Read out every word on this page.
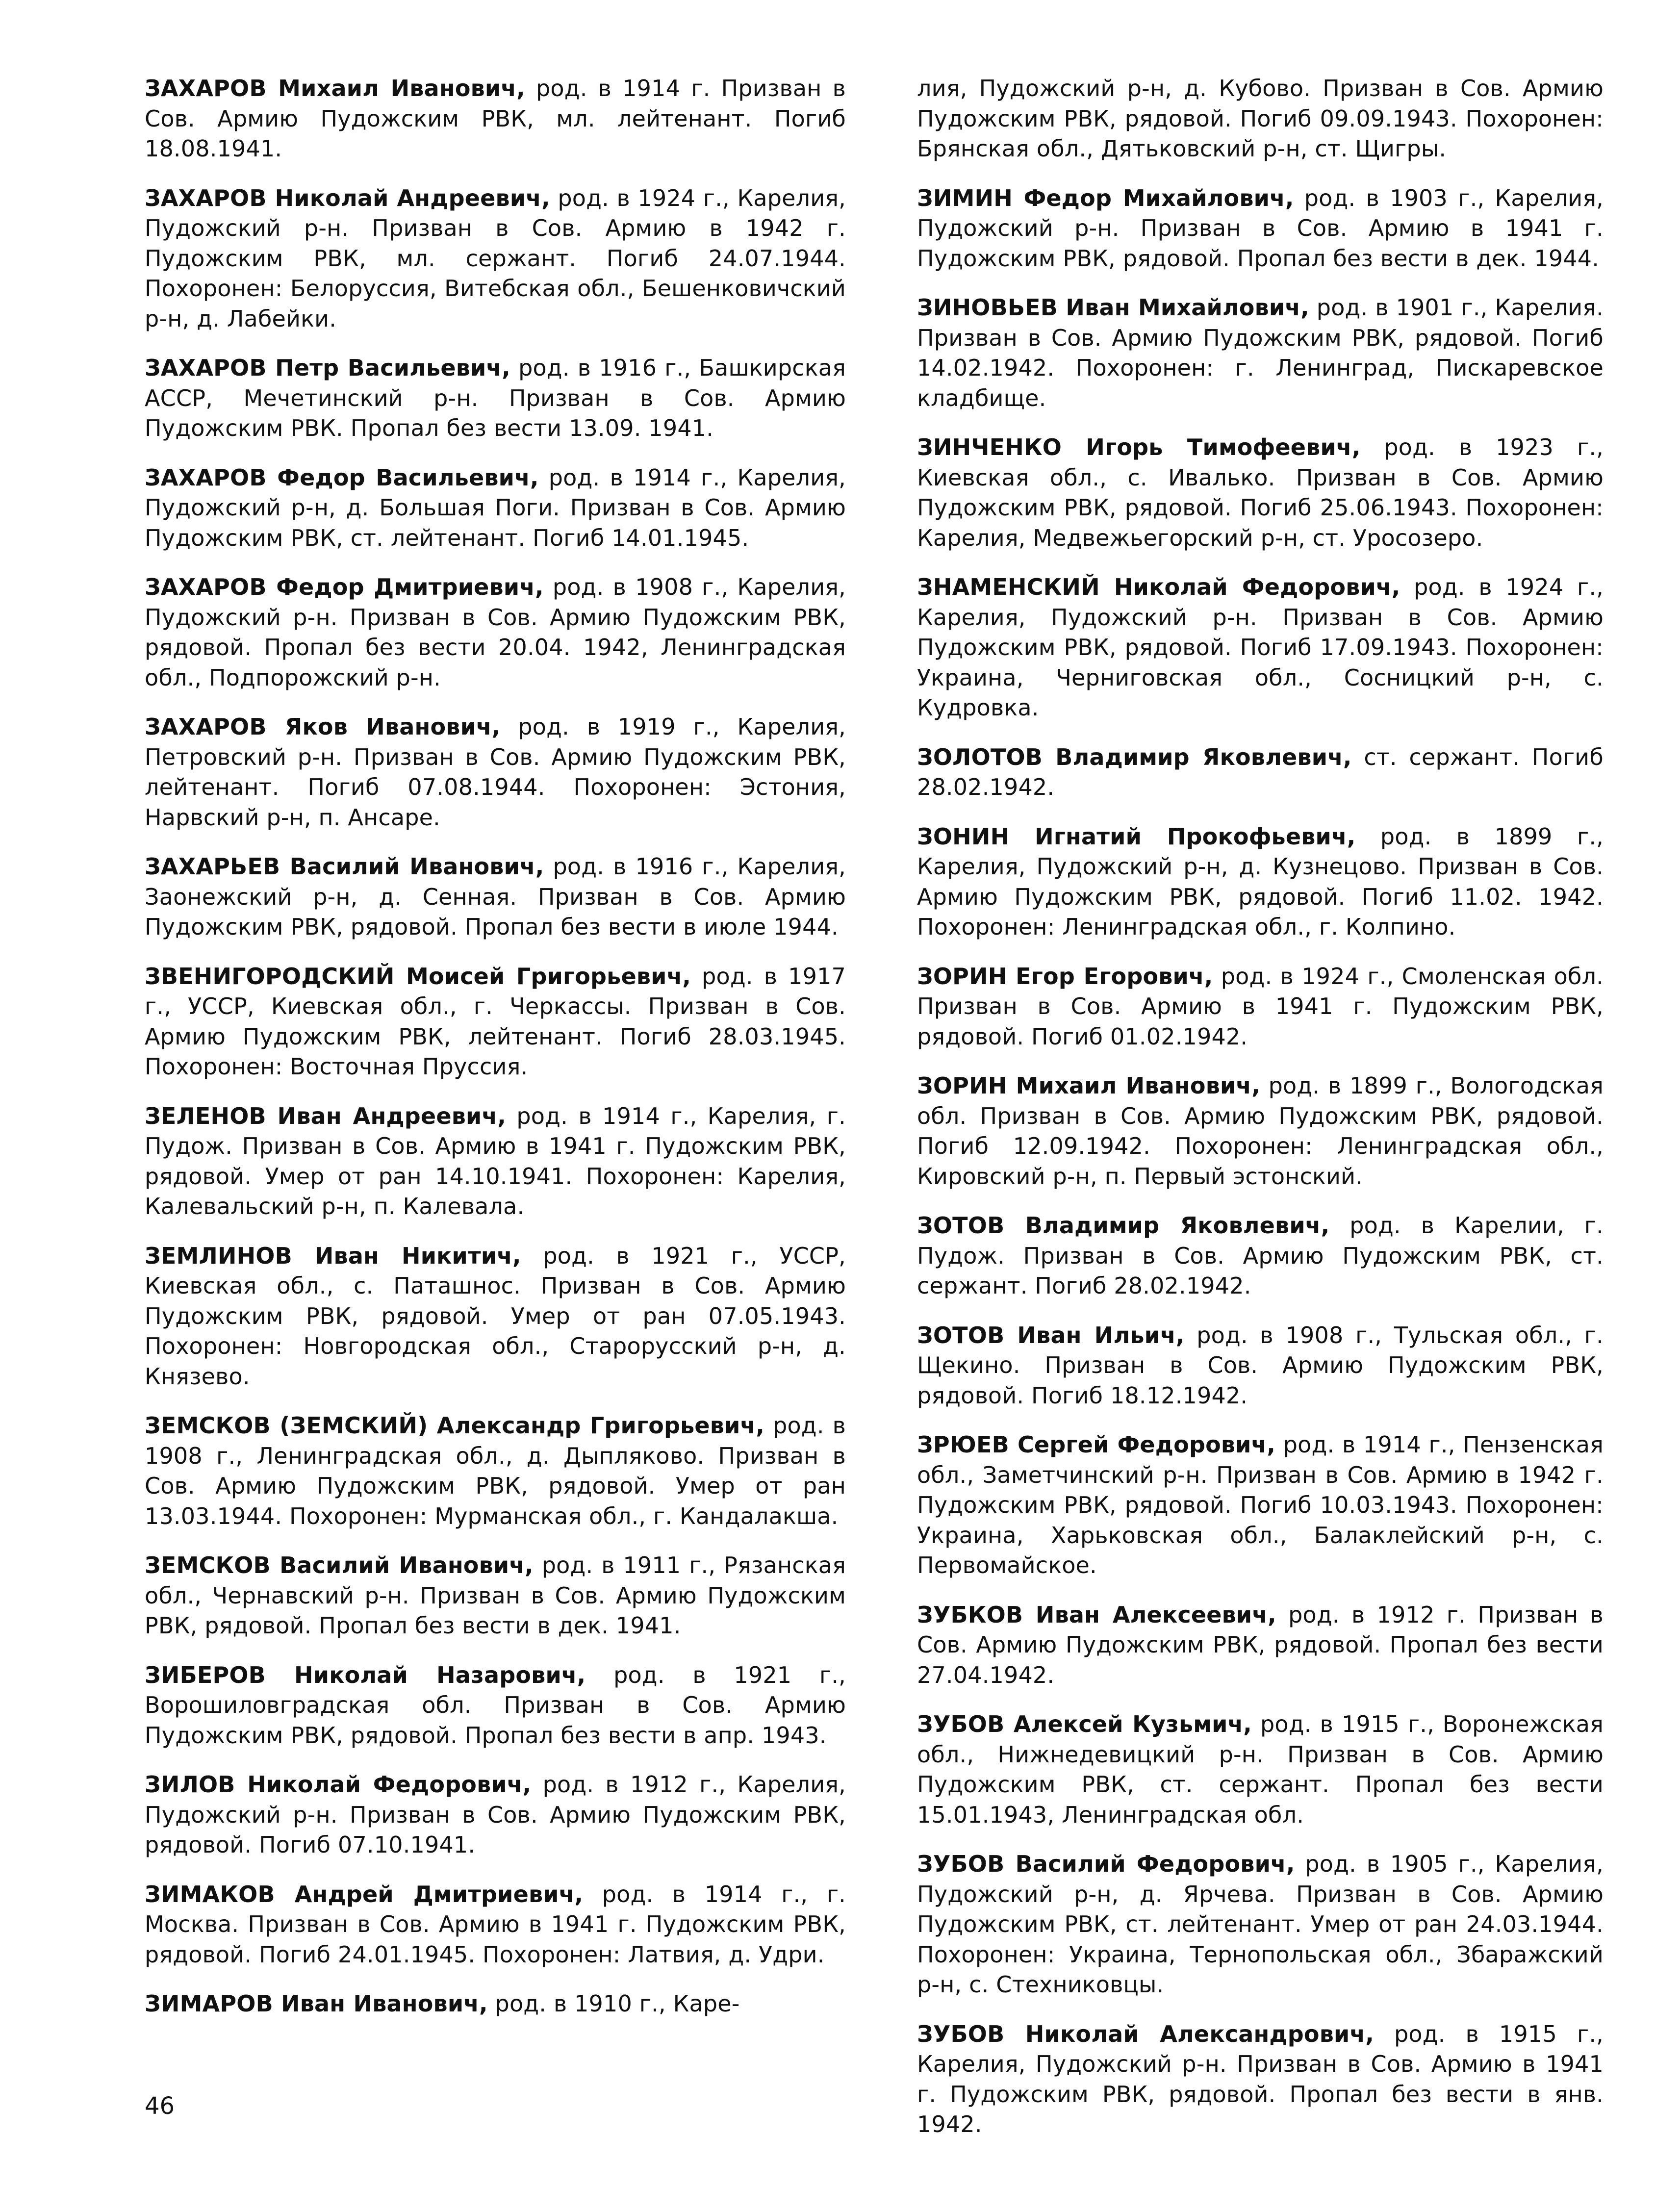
ЗАХАРОВ Михаил Иванович, род. в 1914 г. Призван в Сов. Армию Пудожским РВК, мл. лейтенант. Погиб 18.08.1941.

ЗАХАРОВ Николай Андреевич, род. в 1924 г., Карелия, Пудожский р-н. Призван в Сов. Армию в 1942 г. Пудожским РВК, мл. сержант. Погиб 24.07.1944. Похоронен: Белоруссия, Витебская обл., Бешенковичский р-н, д. Лабейки.

ЗАХАРОВ Петр Васильевич, род. в 1916 г., Башкирская АССР, Мечетинский р-н. Призван в Сов. Армию Пудожским РВК. Пропал без вести 13.09. 1941.

ЗАХАРОВ Федор Васильевич, род. в 1914 г., Карелия, Пудожский р-н, д. Большая Поги. Призван в Сов. Армию Пудожским РВК, ст. лейтенант. Погиб 14.01.1945.

ЗАХАРОВ Федор Дмитриевич, род. в 1908 г., Карелия, Пудожский р-н. Призван в Сов. Армию Пудожским РВК, рядовой. Пропал без вести 20.04. 1942, Ленинградская обл., Подпорожский р-н.

ЗАХАРОВ Яков Иванович, род. в 1919 г., Карелия, Петровский р-н. Призван в Сов. Армию Пудожским РВК, лейтенант. Погиб 07.08.1944. Похоронен: Эстония, Нарвский р-н, п. Ансаре.

ЗАХАРЬЕВ Василий Иванович, род. в 1916 г., Карелия, Заонежский р-н, д. Сенная. Призван в Сов. Армию Пудожским РВК, рядовой. Пропал без вести в июле 1944.

ЗВЕНИГОРОДСКИЙ Моисей Григорьевич, род. в 1917 г., УССР, Киевская обл., г. Черкассы. Призван в Сов. Армию Пудожским РВК, лейтенант. Погиб 28.03.1945. Похоронен: Восточная Пруссия.

ЗЕЛЕНОВ Иван Андреевич, род. в 1914 г., Карелия, г. Пудож. Призван в Сов. Армию в 1941 г. Пудожским РВК, рядовой. Умер от ран 14.10.1941. Похоронен: Карелия, Калевальский р-н, п. Калевала.

ЗЕМЛИНОВ Иван Никитич, род. в 1921 г., УССР, Киевская обл., с. Паташнос. Призван в Сов. Армию Пудожским РВК, рядовой. Умер от ран 07.05.1943. Похоронен: Новгородская обл., Старорусский р-н, д. Князево.

ЗЕМСКОВ (ЗЕМСКИЙ) Александр Григорьевич, род. в 1908 г., Ленинградская обл., д. Дыпляково. Призван в Сов. Армию Пудожским РВК, рядовой. Умер от ран 13.03.1944. Похоронен: Мурманская обл., г. Кандалакша.

ЗЕМСКОВ Василий Иванович, род. в 1911 г., Рязанская обл., Чернавский р-н. Призван в Сов. Армию Пудожским РВК, рядовой. Пропал без вести в дек. 1941.

ЗИБЕРОВ Николай Назарович, род. в 1921 г., Ворошиловградская обл. Призван в Сов. Армию Пудожским РВК, рядовой. Пропал без вести в апр. 1943.

ЗИЛОВ Николай Федорович, род. в 1912 г., Карелия, Пудожский р-н. Призван в Сов. Армию Пудожским РВК, рядовой. Погиб 07.10.1941.

ЗИМАКОВ Андрей Дмитриевич, род. в 1914 г., г. Москва. Призван в Сов. Армию в 1941 г. Пудожским РВК, рядовой. Погиб 24.01.1945. Похоронен: Латвия, д. Удри.

ЗИМАРОВ Иван Иванович, род. в 1910 г., Каре-

лия, Пудожский р-н, д. Кубово. Призван в Сов. Армию Пудожским РВК, рядовой. Погиб 09.09.1943. Похоронен: Брянская обл., Дятьковский р-н, ст. Щигры.

ЗИМИН Федор Михайлович, род. в 1903 г., Карелия, Пудожский р-н. Призван в Сов. Армию в 1941 г. Пудожским РВК, рядовой. Пропал без вести в дек. 1944.

ЗИНОВЬЕВ Иван Михайлович, род. в 1901 г., Карелия. Призван в Сов. Армию Пудожским РВК, рядовой. Погиб 14.02.1942. Похоронен: г. Ленинград, Пискаревское кладбище.

ЗИНЧЕНКО Игорь Тимофеевич, род. в 1923 г., Киевская обл., с. Ивалько. Призван в Сов. Армию Пудожским РВК, рядовой. Погиб 25.06.1943. Похоронен: Карелия, Медвежьегорский р-н, ст. Уросозеро.

ЗНАМЕНСКИЙ Николай Федорович, род. в 1924 г., Карелия, Пудожский р-н. Призван в Сов. Армию Пудожским РВК, рядовой. Погиб 17.09.1943. Похоронен: Украина, Черниговская обл., Сосницкий р-н, с. Кудровка.

ЗОЛОТОВ Владимир Яковлевич, ст. сержант. Погиб 28.02.1942.

ЗОНИН Игнатий Прокофьевич, род. в 1899 г., Карелия, Пудожский р-н, д. Кузнецово. Призван в Сов. Армию Пудожским РВК, рядовой. Погиб 11.02. 1942. Похоронен: Ленинградская обл., г. Колпино.

ЗОРИН Егор Егорович, род. в 1924 г., Смоленская обл. Призван в Сов. Армию в 1941 г. Пудожским РВК, рядовой. Погиб 01.02.1942.

ЗОРИН Михаил Иванович, род. в 1899 г., Вологодская обл. Призван в Сов. Армию Пудожским РВК, рядовой. Погиб 12.09.1942. Похоронен: Ленинградская обл., Кировский р-н, п. Первый эстонский.

ЗОТОВ Владимир Яковлевич, род. в Карелии, г. Пудож. Призван в Сов. Армию Пудожским РВК, ст. сержант. Погиб 28.02.1942.

ЗОТОВ Иван Ильич, род. в 1908 г., Тульская обл., г. Щекино. Призван в Сов. Армию Пудожским РВК, рядовой. Погиб 18.12.1942.

ЗРЮЕВ Сергей Федорович, род. в 1914 г., Пензенская обл., Заметчинский р-н. Призван в Сов. Армию в 1942 г. Пудожским РВК, рядовой. Погиб 10.03.1943. Похоронен: Украина, Харьковская обл., Балаклейский р-н, с. Первомайское.

ЗУБКОВ Иван Алексеевич, род. в 1912 г. Призван в Сов. Армию Пудожским РВК, рядовой. Пропал без вести 27.04.1942.

ЗУБОВ Алексей Кузьмич, род. в 1915 г., Воронежская обл., Нижнедевицкий р-н. Призван в Сов. Армию Пудожским РВК, ст. сержант. Пропал без вести 15.01.1943, Ленинградская обл.

ЗУБОВ Василий Федорович, род. в 1905 г., Карелия, Пудожский р-н, д. Ярчева. Призван в Сов. Армию Пудожским РВК, ст. лейтенант. Умер от ран 24.03.1944. Похоронен: Украина, Тернопольская обл., Збаражский р-н, с. Стехниковцы.

ЗУБОВ Николай Александрович, род. в 1915 г., Карелия, Пудожский р-н. Призван в Сов. Армию в 1941 г. Пудожским РВК, рядовой. Пропал без вести в янв. 1942.

46
